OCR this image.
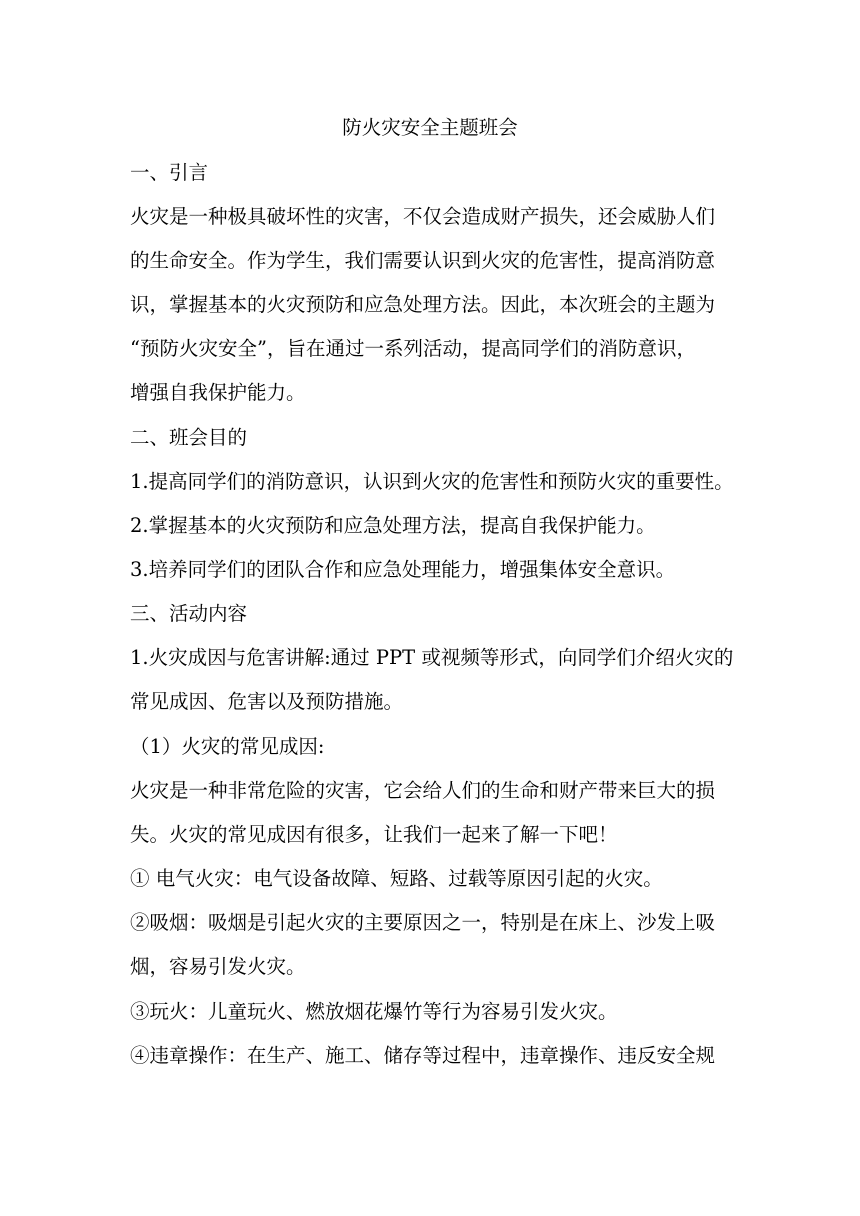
防火灾安全主题班会

一、引言

火灾是一种极具破坏性的灾害，不仅会造成财产损失，还会威胁人们

的生命安全。作为学生，我们需要认识到火灾的危害性，提高消防意

识，掌握基本的火灾预防和应急处理方法。因此，本次班会的主题为

“预防火灾安全”，旨在通过一系列活动，提高同学们的消防意识，

增强自我保护能力。

二、班会目的

1.提高同学们的消防意识，认识到火灾的危害性和预防火灾的重要性。

2.掌握基本的火灾预防和应急处理方法，提高自我保护能力。

3.培养同学们的团队合作和应急处理能力，增强集体安全意识。

三、活动内容

1.火灾成因与危害讲解:通过 PPT 或视频等形式，向同学们介绍火灾的

常见成因、危害以及预防措施。

（1）火灾的常见成因:

火灾是一种非常危险的灾害，它会给人们的生命和财产带来巨大的损

失。火灾的常见成因有很多，让我们一起来了解一下吧！

① 电气火灾：电气设备故障、短路、过载等原因引起的火灾。

②吸烟：吸烟是引起火灾的主要原因之一，特别是在床上、沙发上吸

烟，容易引发火灾。

③玩火：儿童玩火、燃放烟花爆竹等行为容易引发火灾。

④违章操作：在生产、施工、储存等过程中，违章操作、违反安全规
